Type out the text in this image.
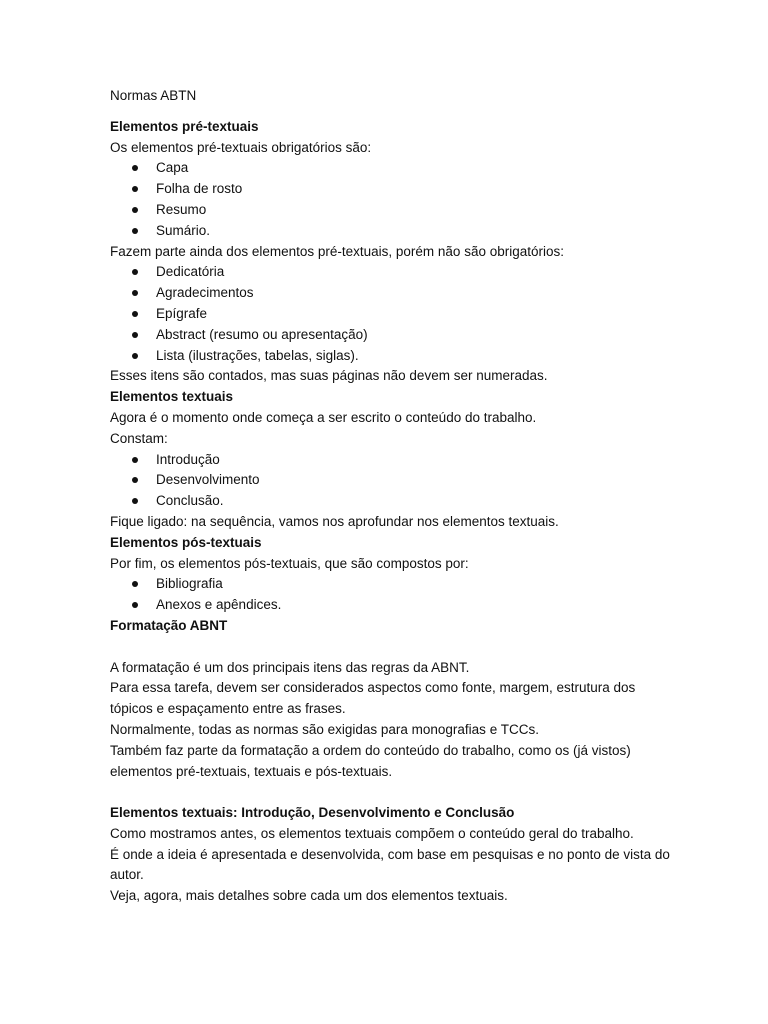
Normas ABTN

Elementos pré-textuais

Os elementos pré-textuais obrigatórios são:

Capa
Folha de rosto
Resumo
Sumário.

Fazem parte ainda dos elementos pré-textuais, porém não são obrigatórios:

Dedicatória
Agradecimentos
Epígrafe
Abstract (resumo ou apresentação)
Lista (ilustrações, tabelas, siglas).

Esses itens são contados, mas suas páginas não devem ser numeradas.

Elementos textuais

Agora é o momento onde começa a ser escrito o conteúdo do trabalho.

Constam:

Introdução
Desenvolvimento
Conclusão.

Fique ligado: na sequência, vamos nos aprofundar nos elementos textuais.

Elementos pós-textuais

Por fim, os elementos pós-textuais, que são compostos por:

Bibliografia
Anexos e apêndices.

Formatação ABNT

A formatação é um dos principais itens das regras da ABNT.

Para essa tarefa, devem ser considerados aspectos como fonte, margem, estrutura dos tópicos e espaçamento entre as frases.

Normalmente, todas as normas são exigidas para monografias e TCCs.

Também faz parte da formatação a ordem do conteúdo do trabalho, como os (já vistos) elementos pré-textuais, textuais e pós-textuais.

Elementos textuais: Introdução, Desenvolvimento e Conclusão

Como mostramos antes, os elementos textuais compõem o conteúdo geral do trabalho.

É onde a ideia é apresentada e desenvolvida, com base em pesquisas e no ponto de vista do autor.

Veja, agora, mais detalhes sobre cada um dos elementos textuais.
